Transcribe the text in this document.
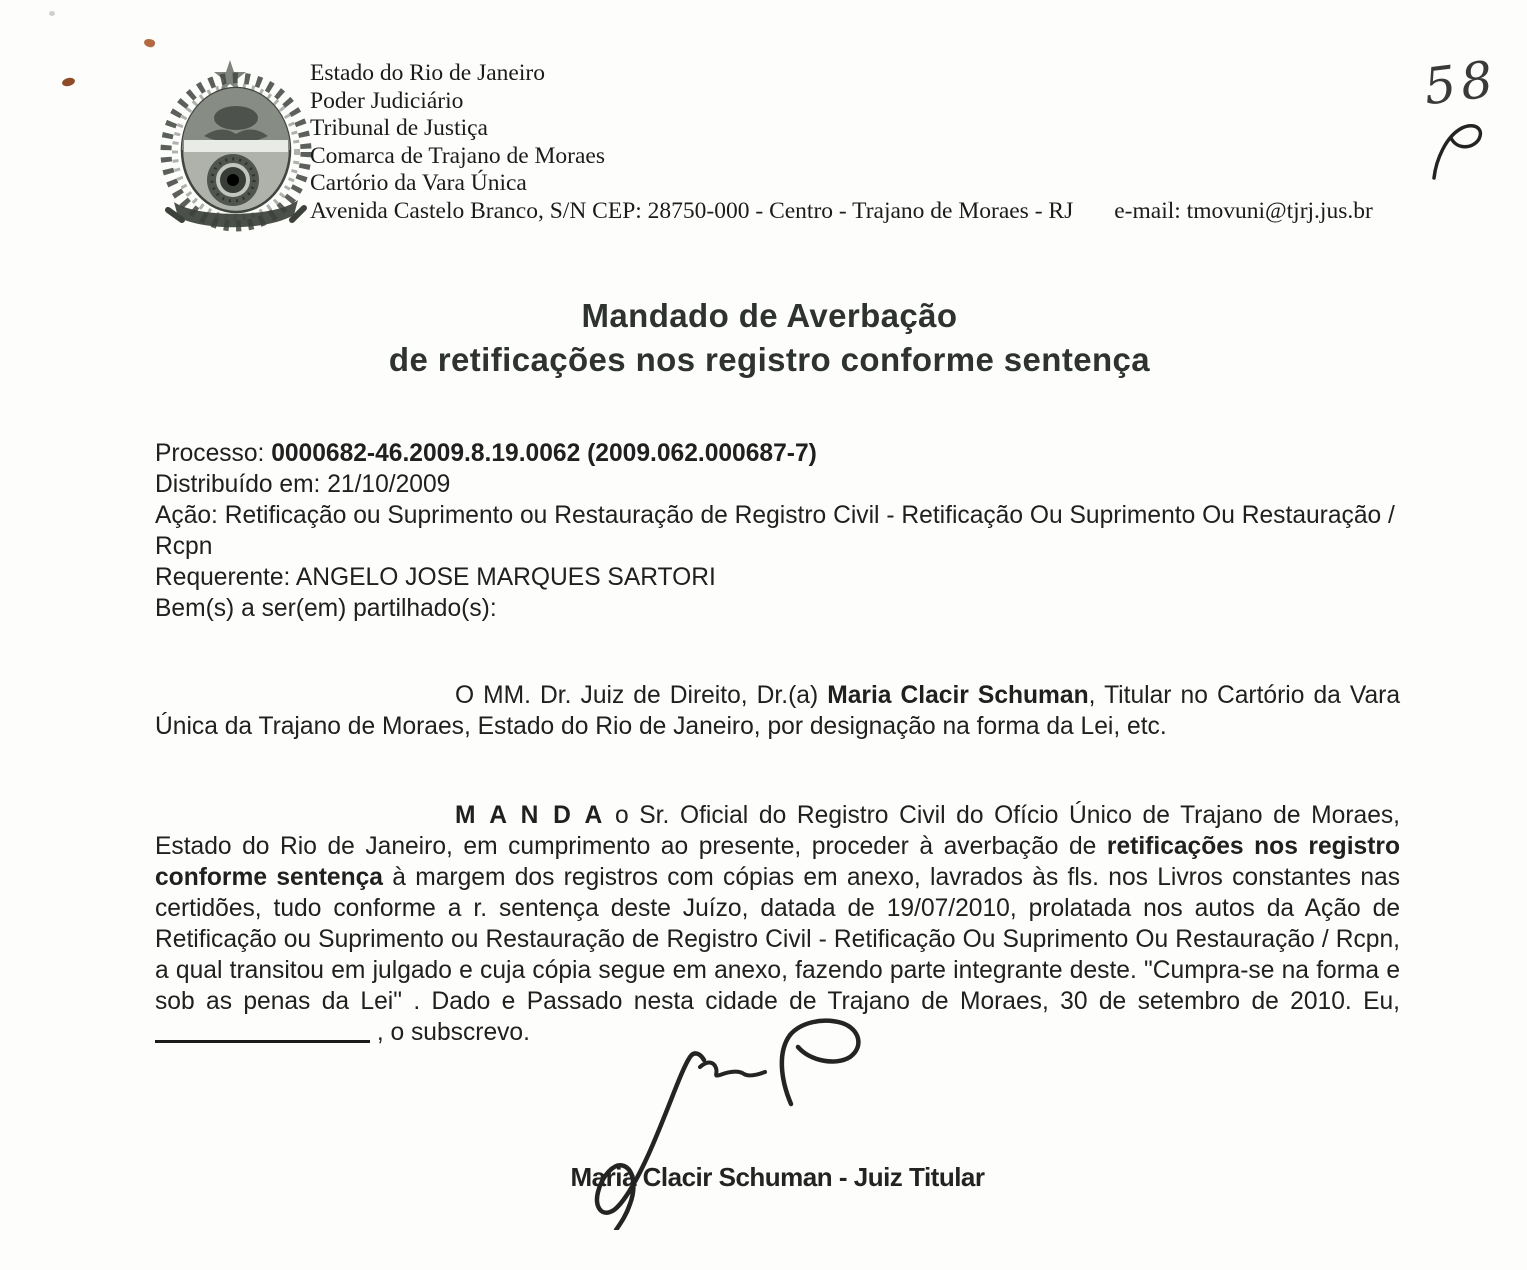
Estado do Rio de Janeiro
Poder Judiciário
Tribunal de Justiça
Comarca de Trajano de Moraes
Cartório da Vara Única
Avenida Castelo Branco, S/N CEP: 28750-000 - Centro - Trajano de Moraes - RJ e-mail: tmovuni@tjrj.jus.br
58
Mandado de Averbação
de retificações nos registro conforme sentença
Processo: 0000682-46.2009.8.19.0062 (2009.062.000687-7)
Distribuído em: 21/10/2009
Ação: Retificação ou Suprimento ou Restauração de Registro Civil - Retificação Ou Suprimento Ou Restauração / Rcpn
Requerente: ANGELO JOSE MARQUES SARTORI
Bem(s) a ser(em) partilhado(s):
O MM. Dr. Juiz de Direito, Dr.(a) Maria Clacir Schuman, Titular no Cartório da Vara Única da Trajano de Moraes, Estado do Rio de Janeiro, por designação na forma da Lei, etc.
M A N D A o Sr. Oficial do Registro Civil do Ofício Único de Trajano de Moraes, Estado do Rio de Janeiro, em cumprimento ao presente, proceder à averbação de retificações nos registro conforme sentença à margem dos registros com cópias em anexo, lavrados às fls. nos Livros constantes nas certidões, tudo conforme a r. sentença deste Juízo, datada de 19/07/2010, prolatada nos autos da Ação de Retificação ou Suprimento ou Restauração de Registro Civil - Retificação Ou Suprimento Ou Restauração / Rcpn, a qual transitou em julgado e cuja cópia segue em anexo, fazendo parte integrante deste. "Cumpra-se na forma e sob as penas da Lei" . Dado e Passado nesta cidade de Trajano de Moraes, 30 de setembro de 2010. Eu,  , o subscrevo.
Maria Clacir Schuman - Juiz Titular
